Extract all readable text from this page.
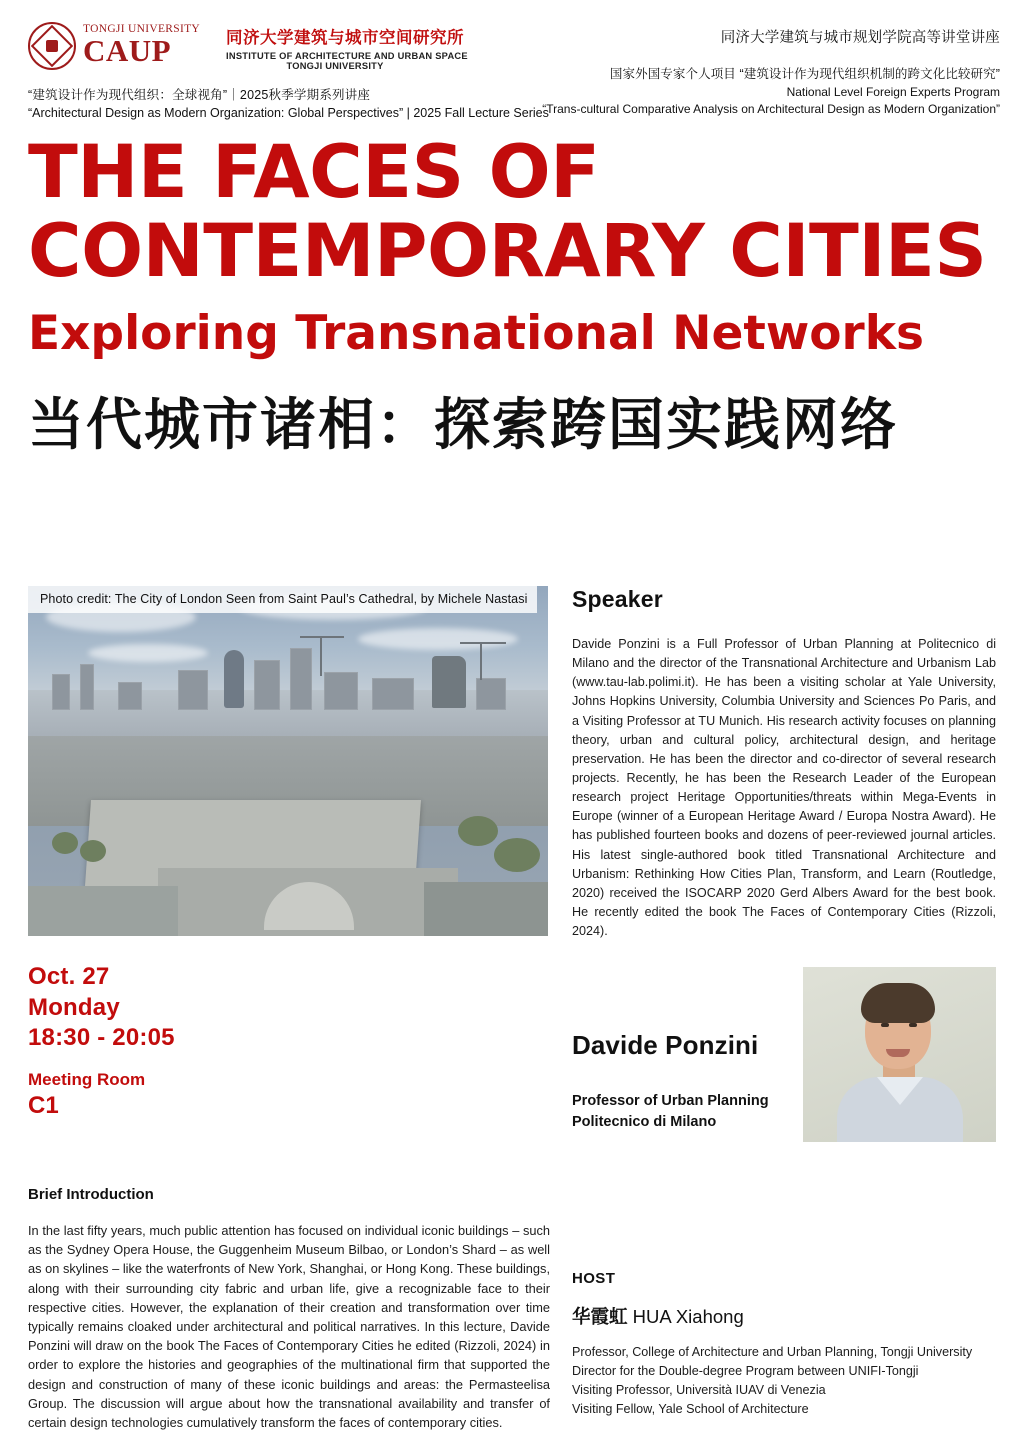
TONGJI UNIVERSITY
CAUP	同济大学建筑与城市空间研究所
INSTITUTE OF ARCHITECTURE AND URBAN SPACE
TONGJI UNIVERSITY
“建筑设计作为现代组织：全球视角”｜2025秋季学期系列讲座
“Architectural Design as Modern Organization: Global Perspectives” | 2025 Fall Lecture Series
同济大学建筑与城市规划学院高等讲堂讲座
国家外国专家个人项目 “建筑设计作为现代组织机制的跨文化比较研究”
National Level Foreign Experts Program
“Trans-cultural Comparative Analysis on Architectural Design as Modern Organization”
THE FACES OF
CONTEMPORARY CITIES
Exploring Transnational Networks
当代城市诸相：探索跨国实践网络
Photo credit: The City of London Seen from Saint Paul’s Cathedral, by Michele Nastasi	Speaker
Davide Ponzini is a Full Professor of Urban Planning at Politecnico di Milano and the director of the Transnational Architecture and Urbanism Lab (www.tau-lab.polimi.it). He has been a visiting scholar at Yale University, Johns Hopkins University, Columbia University and Sciences Po Paris, and a Visiting Professor at TU Munich. His research activity focuses on planning theory, urban and cultural policy, architectural design, and heritage preservation. He has been the director and co-director of several research projects. Recently, he has been the Research Leader of the European research project Heritage Opportunities/threats within Mega-Events in Europe (winner of a European Heritage Award / Europa Nostra Award). He has published fourteen books and dozens of peer-reviewed journal articles. His latest single-authored book titled Transnational Architecture and Urbanism: Rethinking How Cities Plan, Transform, and Learn (Routledge, 2020) received the ISOCARP 2020 Gerd Albers Award for the best book. He recently edited the book The Faces of Contemporary Cities (Rizzoli, 2024).
Oct. 27
Monday
18:30 - 20:05
Meeting Room
C1
Brief Introduction
In the last fifty years, much public attention has focused on individual iconic buildings – such as the Sydney Opera House, the Guggenheim Museum Bilbao, or London’s Shard – as well as on skylines – like the waterfronts of New York, Shanghai, or Hong Kong. These buildings, along with their surrounding city fabric and urban life, give a recognizable face to their respective cities. However, the explanation of their creation and transformation over time typically remains cloaked under architectural and political narratives. In this lecture, Davide Ponzini will draw on the book The Faces of Contemporary Cities he edited (Rizzoli, 2024) in order to explore the histories and geographies of the multinational firm that supported the design and construction of many of these iconic buildings and areas: the Permasteelisa Group. The discussion will argue about how the transnational availability and transfer of certain design technologies cumulatively transform the faces of contemporary cities.
Davide Ponzini
Professor of Urban Planning
Politecnico di Milano
HOST
华霞虹 HUA Xiahong
Professor, College of Architecture and Urban Planning, Tongji University
Director for the Double-degree Program between UNIFI-Tongji
Visiting Professor, Università IUAV di Venezia
Visiting Fellow, Yale School of Architecture
